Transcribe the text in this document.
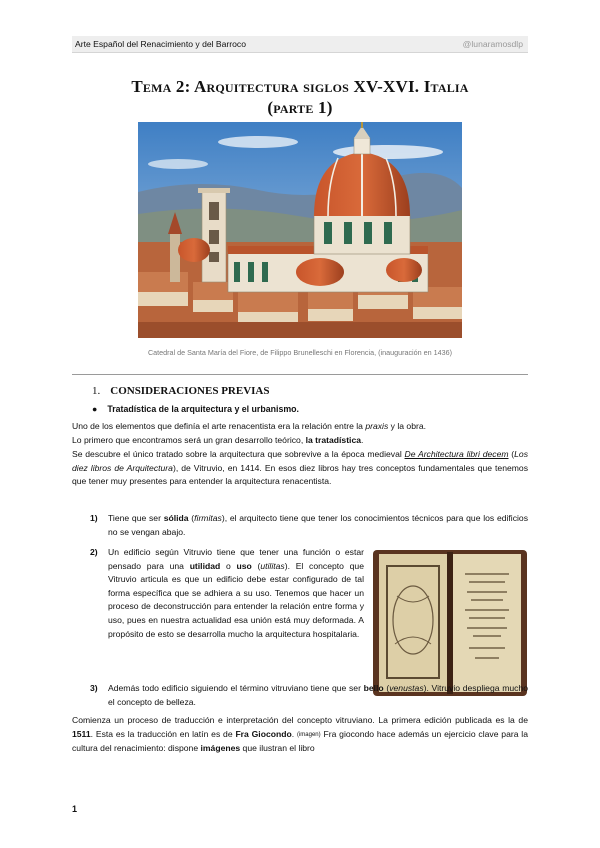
Arte Español del Renacimiento y del Barroco	@lunaramosdlp
Tema 2: Arquitectura siglos XV-XVI. Italia
(parte 1)
Catedral de Santa María del Fiore, de Filippo Brunelleschi en Florencia, (inauguración en 1436)
1. CONSIDERACIONES PREVIAS
● Tratadística de la arquitectura y el urbanismo.
Uno de los elementos que definía el arte renacentista era la relación entre la praxis y la obra.
Lo primero que encontramos será un gran desarrollo teórico, la tratadística.
Se descubre el único tratado sobre la arquitectura que sobrevive a la época medieval De Architectura libri decem (Los diez libros de Arquitectura), de Vitruvio, en 1414. En esos diez libros hay tres conceptos fundamentales que tenemos que tener muy presentes para entender la arquitectura renacentista.
1) Tiene que ser sólida (firmitas), el arquitecto tiene que tener los conocimientos técnicos para que los edificios no se vengan abajo.
2) Un edificio según Vitruvio tiene que tener una función o estar pensado para una utilidad o uso (utilitas). El concepto que Vitruvio articula es que un edificio debe estar configurado de tal forma específica que se adhiera a su uso. Tenemos que hacer un proceso de deconstrucción para entender la relación entre forma y uso, pues en nuestra actualidad esa unión está muy deformada. A propósito de esto se desarrolla mucho la arquitectura hospitalaria.
3) Además todo edificio siguiendo el término vitruviano tiene que ser bello (venustas). Vitruvio despliega mucho el concepto de belleza.
Comienza un proceso de traducción e interpretación del concepto vitruviano. La primera edición publicada es la de 1511. Esta es la traducción en latín es de Fra Giocondo. (imagen) Fra giocondo hace además un ejercicio clave para la cultura del renacimiento: dispone imágenes que ilustran el libro
1
